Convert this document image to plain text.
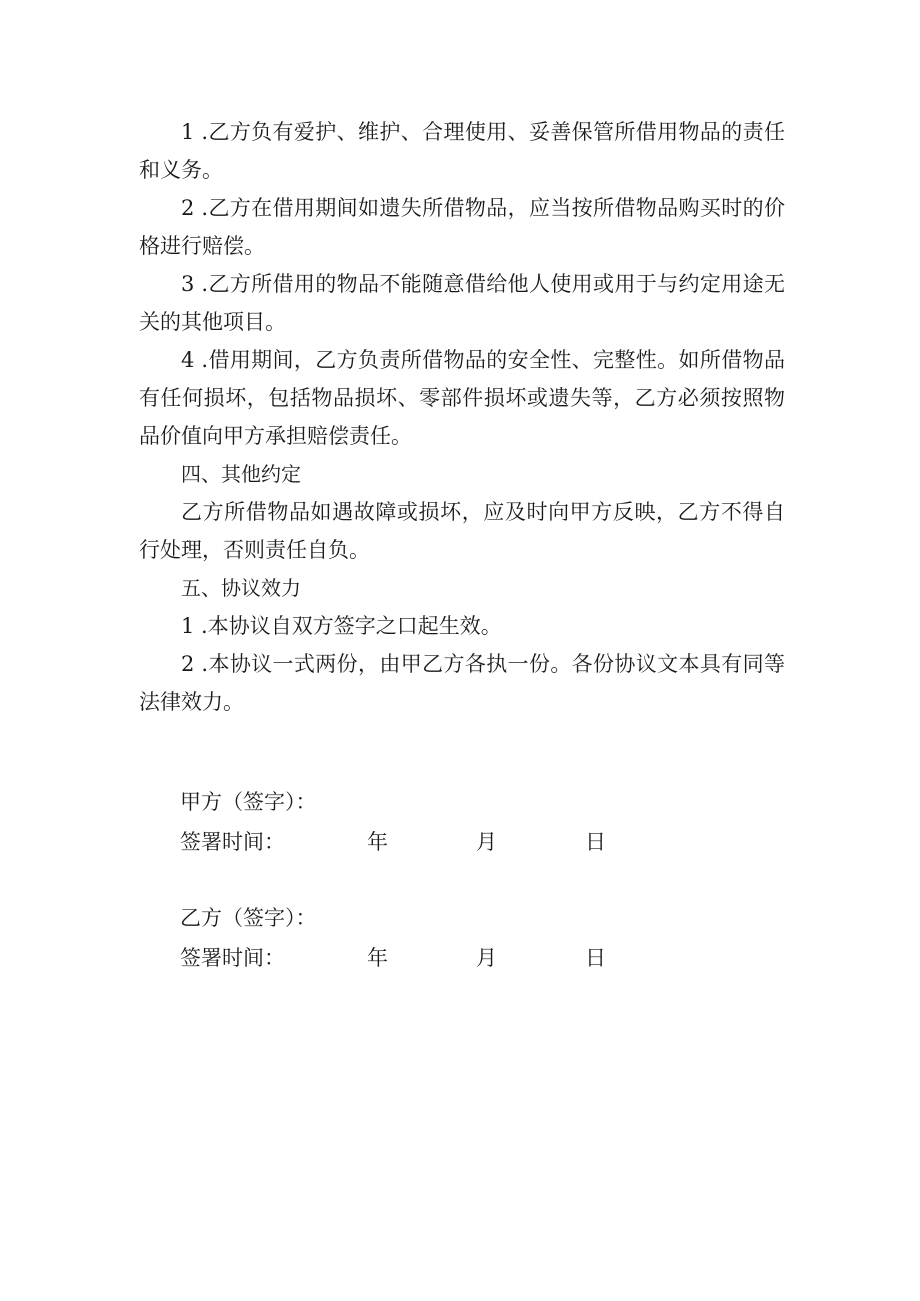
1 .乙方负有爱护、维护、合理使用、妥善保管所借用物品的责任和义务。

2 .乙方在借用期间如遗失所借物品，应当按所借物品购买时的价格进行赔偿。

3 .乙方所借用的物品不能随意借给他人使用或用于与约定用途无关的其他项目。

4 .借用期间，乙方负责所借物品的安全性、完整性。如所借物品有任何损坏，包括物品损坏、零部件损坏或遗失等，乙方必须按照物品价值向甲方承担赔偿责任。

四、其他约定

乙方所借物品如遇故障或损坏，应及时向甲方反映，乙方不得自行处理，否则责任自负。

五、协议效力

1 .本协议自双方签字之口起生效。

2 .本协议一式两份，由甲乙方各执一份。各份协议文本具有同等法律效力。

甲方（签字）：
签署时间：	年	月	日
乙方（签字）：
签署时间：	年	月	日
